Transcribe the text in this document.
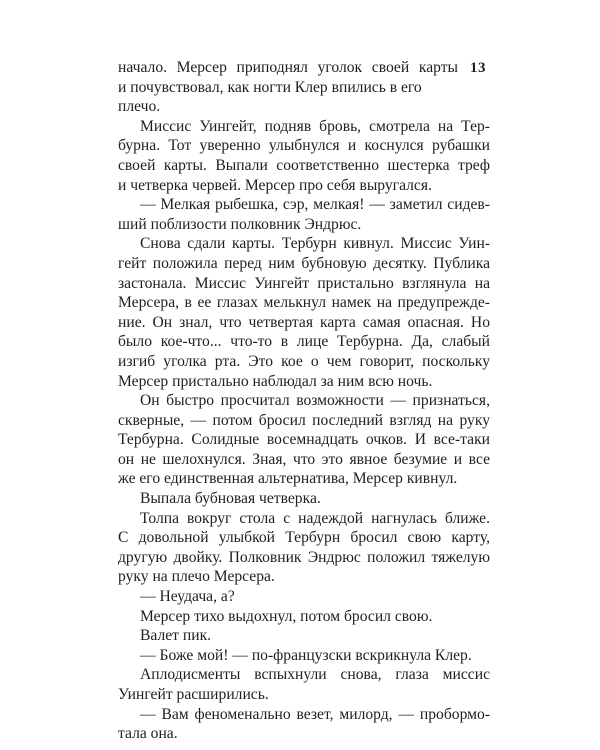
13
начало. Мерсер приподнял уголок своей карты
и почувствовал, как ногти Клер впились в его
плечо.
Миссис Уингейт, подняв бровь, смотрела на Тер-
бурна. Тот уверенно улыбнулся и коснулся рубашки
своей карты. Выпали соответственно шестерка треф
и четверка червей. Мерсер про себя выругался.
— Мелкая рыбешка, сэр, мелкая! — заметил сидев-
ший поблизости полковник Эндрюс.
Снова сдали карты. Тербурн кивнул. Миссис Уин-
гейт положила перед ним бубновую десятку. Публика
застонала. Миссис Уингейт пристально взглянула на
Мерсера, в ее глазах мелькнул намек на предупрежде-
ние. Он знал, что четвертая карта самая опасная. Но
было кое-что... что-то в лице Тербурна. Да, слабый
изгиб уголка рта. Это кое о чем говорит, поскольку
Мерсер пристально наблюдал за ним всю ночь.
Он быстро просчитал возможности — признаться,
скверные, — потом бросил последний взгляд на руку
Тербурна. Солидные восемнадцать очков. И все-таки
он не шелохнулся. Зная, что это явное безумие и все
же его единственная альтернатива, Мерсер кивнул.
Выпала бубновая четверка.
Толпа вокруг стола с надеждой нагнулась ближе.
С довольной улыбкой Тербурн бросил свою карту,
другую двойку. Полковник Эндрюс положил тяжелую
руку на плечо Мерсера.
— Неудача, а?
Мерсер тихо выдохнул, потом бросил свою.
Валет пик.
— Боже мой! — по-французски вскрикнула Клер.
Аплодисменты вспыхнули снова, глаза миссис
Уингейт расширились.
— Вам феноменально везет, милорд, — пробормо-
тала она.
